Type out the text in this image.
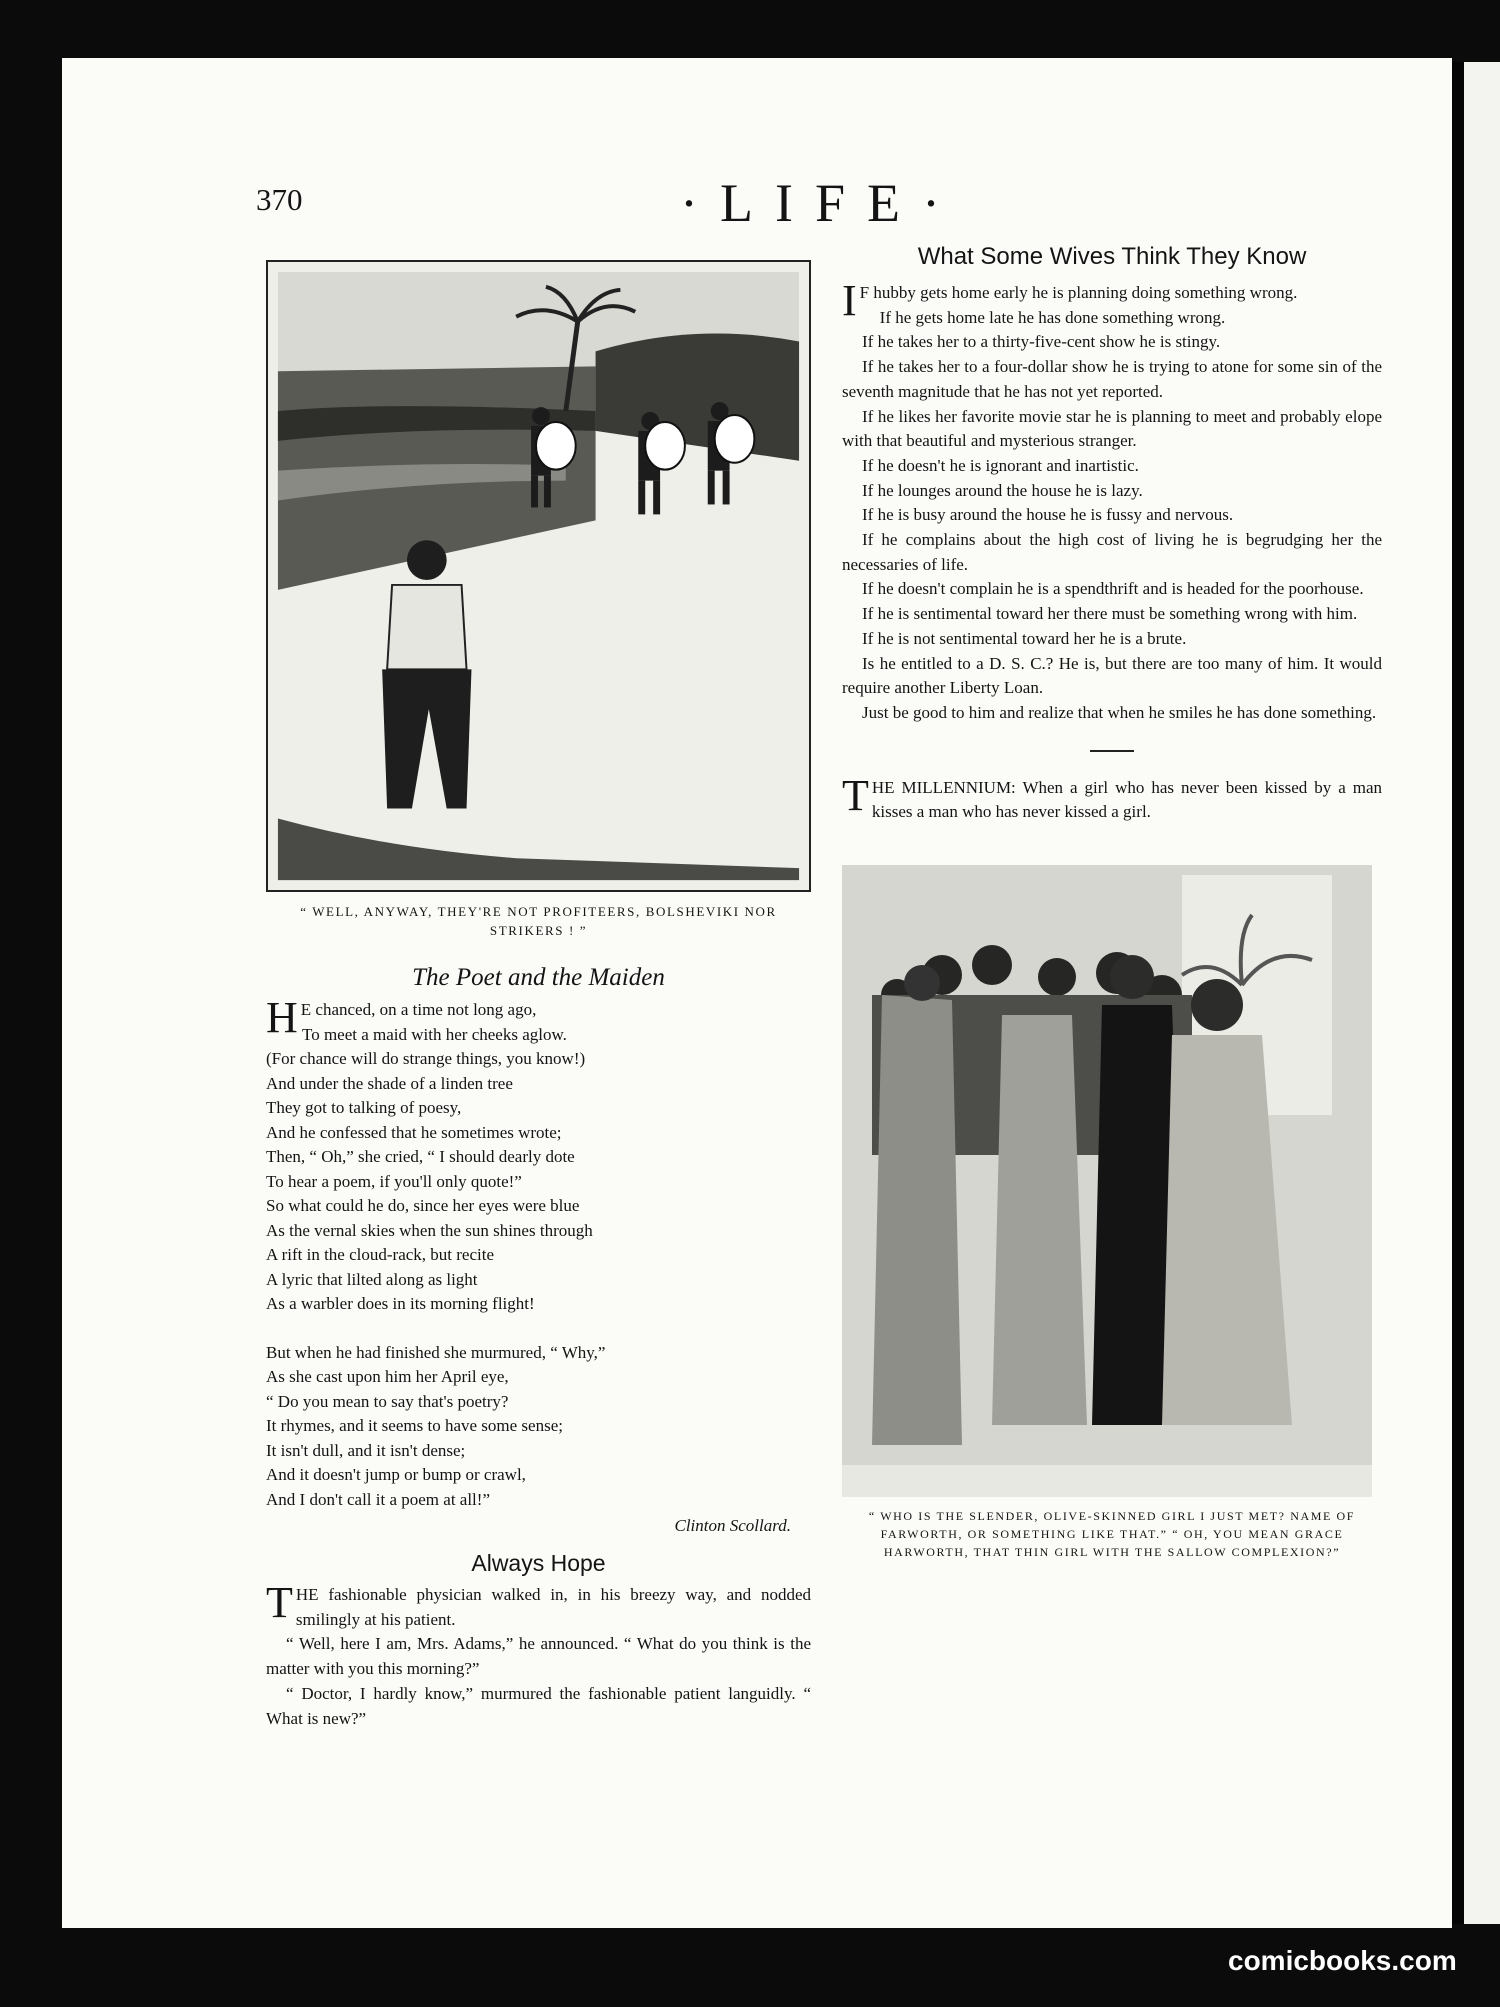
370	·LIFE·
“ WELL, ANYWAY, THEY'RE NOT PROFITEERS, BOLSHEVIKI NOR STRIKERS ! ”
The Poet and the Maiden
H E chanced, on a time not long ago,
To meet a maid with her cheeks aglow.
(For chance will do strange things, you know!)
And under the shade of a linden tree
They got to talking of poesy,
And he confessed that he sometimes wrote;
Then, “ Oh,” she cried, “ I should dearly dote
To hear a poem, if you'll only quote!”
So what could he do, since her eyes were blue
As the vernal skies when the sun shines through
A rift in the cloud-rack, but recite
A lyric that lilted along as light
As a warbler does in its morning flight!
But when he had finished she murmured, “ Why,”
As she cast upon him her April eye,
“ Do you mean to say that's poetry?
It rhymes, and it seems to have some sense;
It isn't dull, and it isn't dense;
And it doesn't jump or bump or crawl,
And I don't call it a poem at all!”
Clinton Scollard.
Always Hope

THE fashionable physician walked in, in his breezy way, and nodded smilingly at his patient.

“ Well, here I am, Mrs. Adams,” he announced. “ What do you think is the matter with you this morning?”

“ Doctor, I hardly know,” murmured the fashionable patient languidly. “ What is new?”

What Some Wives Think They Know

I F hubby gets home early he is planning doing something wrong.

If he gets home late he has done something wrong.

If he takes her to a thirty-five-cent show he is stingy.

If he takes her to a four-dollar show he is trying to atone for some sin of the seventh magnitude that he has not yet reported.

If he likes her favorite movie star he is planning to meet and probably elope with that beautiful and mysterious stranger.

If he doesn't he is ignorant and inartistic.

If he lounges around the house he is lazy.

If he is busy around the house he is fussy and nervous.

If he complains about the high cost of living he is begrudging her the necessaries of life.

If he doesn't complain he is a spendthrift and is headed for the poorhouse.

If he is sentimental toward her there must be something wrong with him.

If he is not sentimental toward her he is a brute.

Is he entitled to a D. S. C.? He is, but there are too many of him. It would require another Liberty Loan.

Just be good to him and realize that when he smiles he has done something.

THE MILLENNIUM: When a girl who has never been kissed by a man kisses a man who has never kissed a girl.

“ WHO IS THE SLENDER, OLIVE-SKINNED GIRL I JUST MET? NAME OF FARWORTH, OR SOMETHING LIKE THAT.” “ OH, YOU MEAN GRACE HARWORTH, THAT THIN GIRL WITH THE SALLOW COMPLEXION?”
comicbooks.com
